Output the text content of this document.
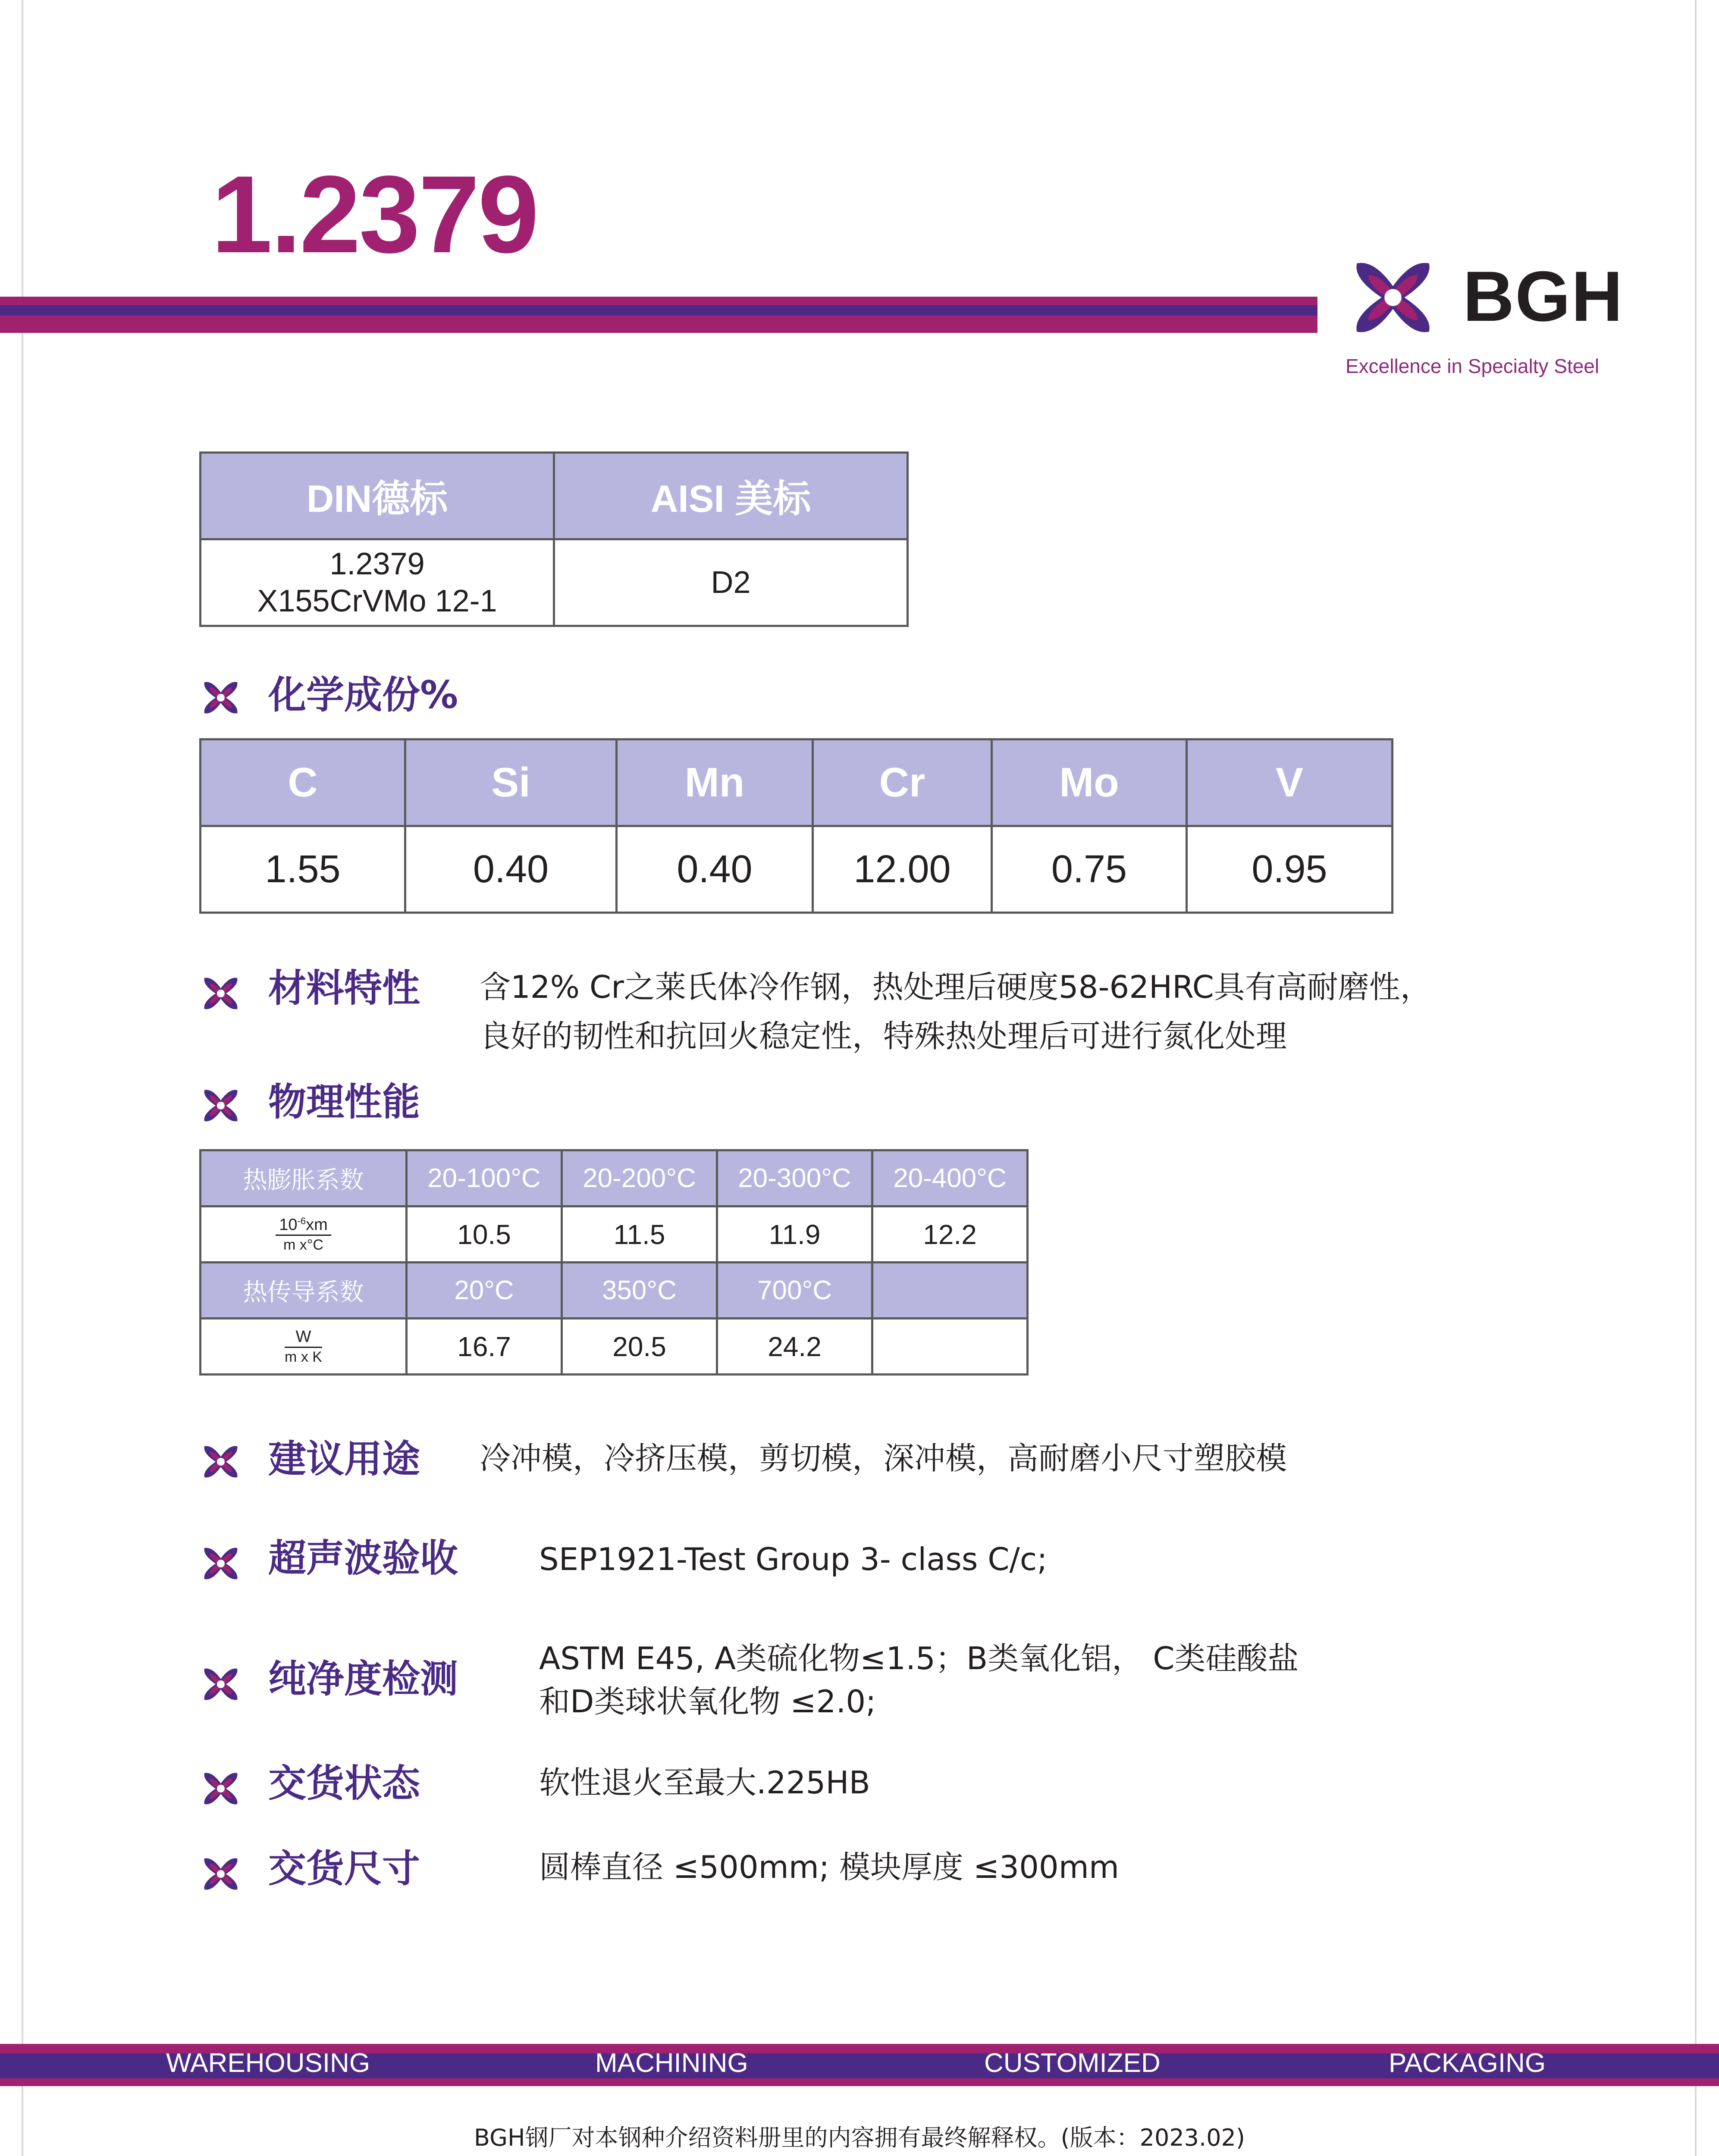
1.2379
BGH
Excellence in Specialty Steel
DIN德标	AISI 美标

1.2379
X155CrVMo 12-1	D2
化学成份%
C	Si	Mn	Cr	Mo	V
1.55	0.40	0.40	12.00	0.75	0.95
材料特性 含12% Cr之莱氏体冷作钢，热处理后硬度58-62HRC具有高耐磨性，
良好的韧性和抗回火稳定性，特殊热处理后可进行氮化处理
物理性能
热膨胀系数	20-100°C	20-200°C	20-300°C	20-400°C

$\frac{10^{-6}xm}{\text{m x°C}}$	10.5	11.5	11.9	12.2
热传导系数	20°C	350°C	700°C	

$\frac{W}{\text{m x K}}$	16.7	20.5	24.2	
建议用途 冷冲模，冷挤压模，剪切模，深冲模，高耐磨小尺寸塑胶模
超声波验收	SEP1921-Test Group 3- class C/c;
纯净度检测	ASTM E45, A类硫化物≤1.5；B类氧化铝， C类硅酸盐
和D类球状氧化物 ≤2.0;
交货状态	软性退火至最大.225HB
交货尺寸	圆棒直径 ≤500mm; 模块厚度 ≤300mm
WAREHOUSING	MACHINING	CUSTOMIZED	PACKAGING
BGH钢厂对本钢种介绍资料册里的内容拥有最终解释权。(版本：2023.02)
